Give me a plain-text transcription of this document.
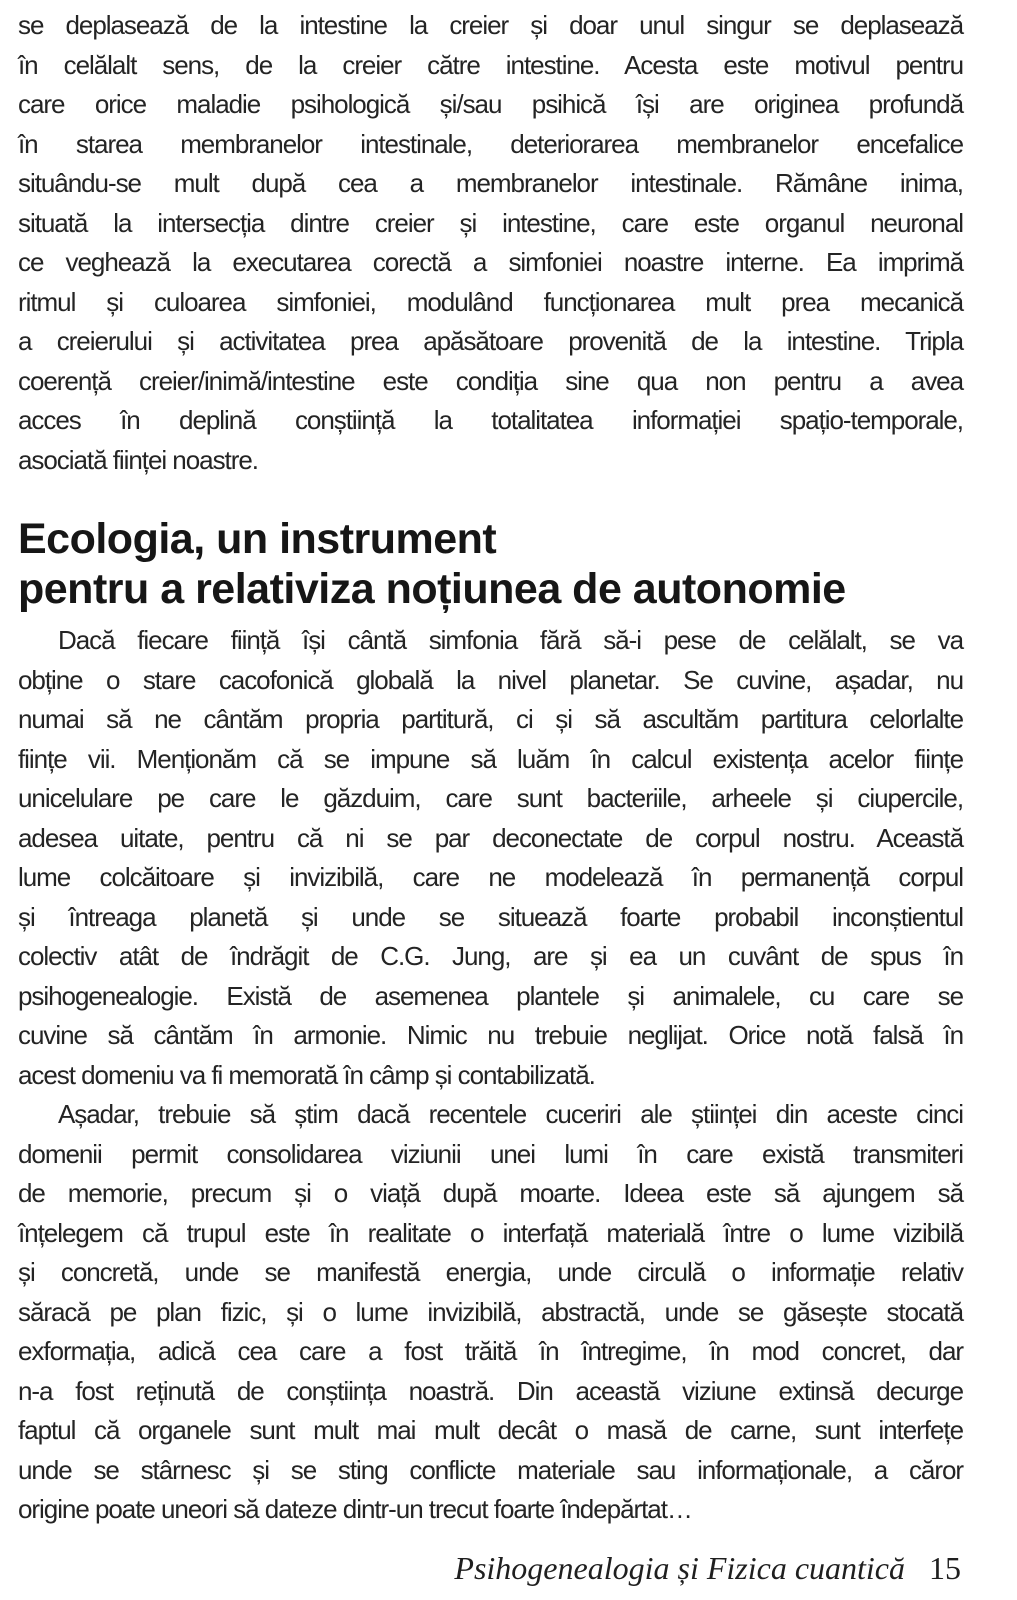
se deplasează de la intestine la creier și doar unul singur se deplasează
în celălalt sens, de la creier către intestine. Acesta este motivul pentru
care orice maladie psihologică și/sau psihică își are originea profundă
în starea membranelor intestinale, deteriorarea membranelor encefalice
situându-se mult după cea a membranelor intestinale. Rămâne inima,
situată la intersecția dintre creier și intestine, care este organul neuronal
ce veghează la executarea corectă a simfoniei noastre interne. Ea imprimă
ritmul și culoarea simfoniei, modulând funcționarea mult prea mecanică
a creierului și activitatea prea apăsătoare provenită de la intestine. Tripla
coerență creier/inimă/intestine este condiția sine qua non pentru a avea
acces în deplină conștiință la totalitatea informației spațio-temporale,
asociată ființei noastre.
Ecologia, un instrument
pentru a relativiza noțiunea de autonomie
Dacă fiecare ființă își cântă simfonia fără să-i pese de celălalt, se va
obține o stare cacofonică globală la nivel planetar. Se cuvine, așadar, nu
numai să ne cântăm propria partitură, ci și să ascultăm partitura celorlalte
ființe vii. Menționăm că se impune să luăm în calcul existența acelor ființe
unicelulare pe care le găzduim, care sunt bacteriile, arheele și ciupercile,
adesea uitate, pentru că ni se par deconectate de corpul nostru. Această
lume colcăitoare și invizibilă, care ne modelează în permanență corpul
și întreaga planetă și unde se situează foarte probabil inconștientul
colectiv atât de îndrăgit de C.G. Jung, are și ea un cuvânt de spus în
psihogenealogie. Există de asemenea plantele și animalele, cu care se
cuvine să cântăm în armonie. Nimic nu trebuie neglijat. Orice notă falsă în
acest domeniu va fi memorată în câmp și contabilizată.
Așadar, trebuie să știm dacă recentele cuceriri ale științei din aceste cinci
domenii permit consolidarea viziunii unei lumi în care există transmiteri
de memorie, precum și o viață după moarte. Ideea este să ajungem să
înțelegem că trupul este în realitate o interfață materială între o lume vizibilă
și concretă, unde se manifestă energia, unde circulă o informație relativ
săracă pe plan fizic, și o lume invizibilă, abstractă, unde se găsește stocată
exformația, adică cea care a fost trăită în întregime, în mod concret, dar
n-a fost reținută de conștiința noastră. Din această viziune extinsă decurge
faptul că organele sunt mult mai mult decât o masă de carne, sunt interfețe
unde se stârnesc și se sting conflicte materiale sau informaționale, a căror
origine poate uneori să dateze dintr-un trecut foarte îndepărtat…
Psihogenealogia și Fizica cuantică 15
